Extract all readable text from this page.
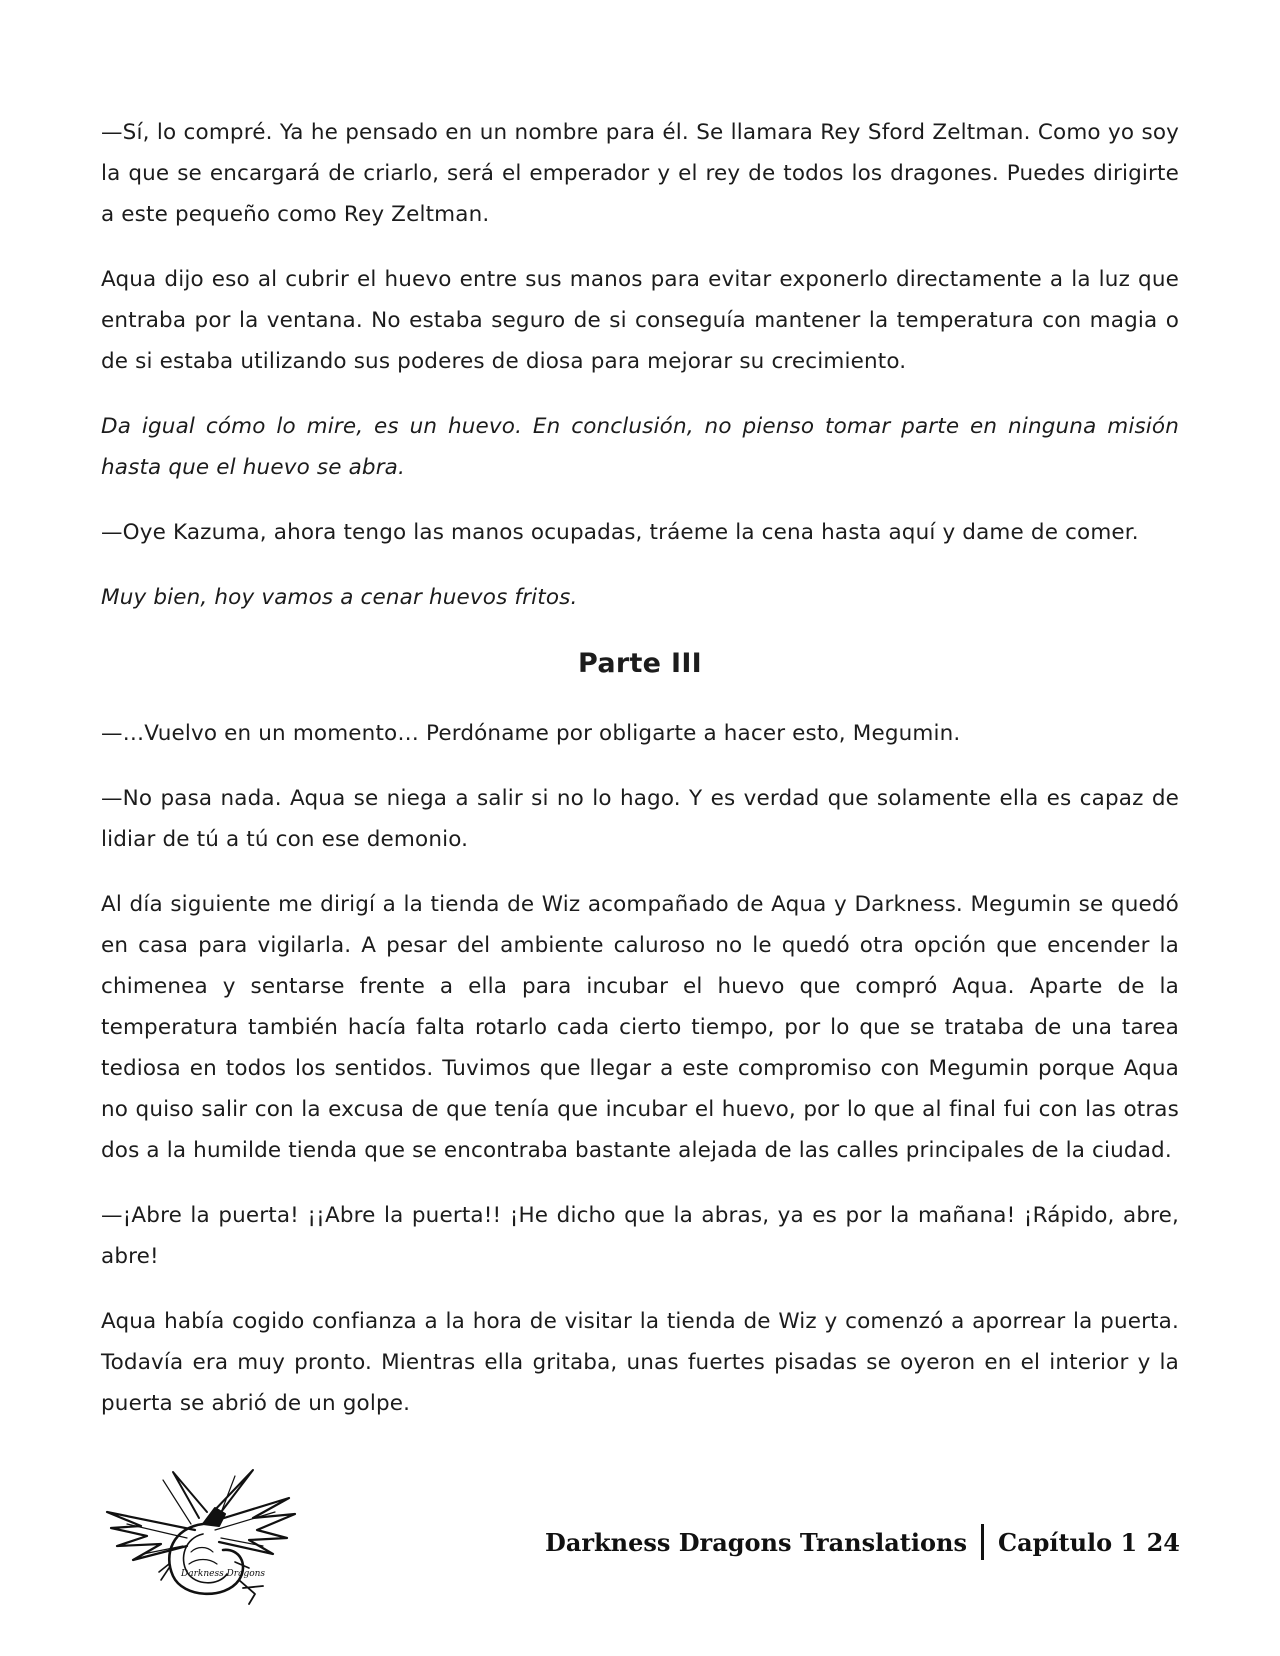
—Sí, lo compré. Ya he pensado en un nombre para él. Se llamara Rey Sford Zeltman. Como yo soy la que se encargará de criarlo, será el emperador y el rey de todos los dragones. Puedes dirigirte a este pequeño como Rey Zeltman.

Aqua dijo eso al cubrir el huevo entre sus manos para evitar exponerlo directamente a la luz que entraba por la ventana. No estaba seguro de si conseguía mantener la temperatura con magia o de si estaba utilizando sus poderes de diosa para mejorar su crecimiento.

Da igual cómo lo mire, es un huevo. En conclusión, no pienso tomar parte en ninguna misión hasta que el huevo se abra.

—Oye Kazuma, ahora tengo las manos ocupadas, tráeme la cena hasta aquí y dame de comer.

Muy bien, hoy vamos a cenar huevos fritos.

Parte III

—…Vuelvo en un momento… Perdóname por obligarte a hacer esto, Megumin.

—No pasa nada. Aqua se niega a salir si no lo hago. Y es verdad que solamente ella es capaz de lidiar de tú a tú con ese demonio.

Al día siguiente me dirigí a la tienda de Wiz acompañado de Aqua y Darkness. Megumin se quedó en casa para vigilarla. A pesar del ambiente caluroso no le quedó otra opción que encender la chimenea y sentarse frente a ella para incubar el huevo que compró Aqua. Aparte de la temperatura también hacía falta rotarlo cada cierto tiempo, por lo que se trataba de una tarea tediosa en todos los sentidos. Tuvimos que llegar a este compromiso con Megumin porque Aqua no quiso salir con la excusa de que tenía que incubar el huevo, por lo que al final fui con las otras dos a la humilde tienda que se encontraba bastante alejada de las calles principales de la ciudad.

—¡Abre la puerta! ¡¡Abre la puerta!! ¡He dicho que la abras, ya es por la mañana! ¡Rápido, abre, abre!

Aqua había cogido confianza a la hora de visitar la tienda de Wiz y comenzó a aporrear la puerta. Todavía era muy pronto. Mientras ella gritaba, unas fuertes pisadas se oyeron en el interior y la puerta se abrió de un golpe.

Darkness Dragons
Darkness Dragons Translations Capítulo 1 24
